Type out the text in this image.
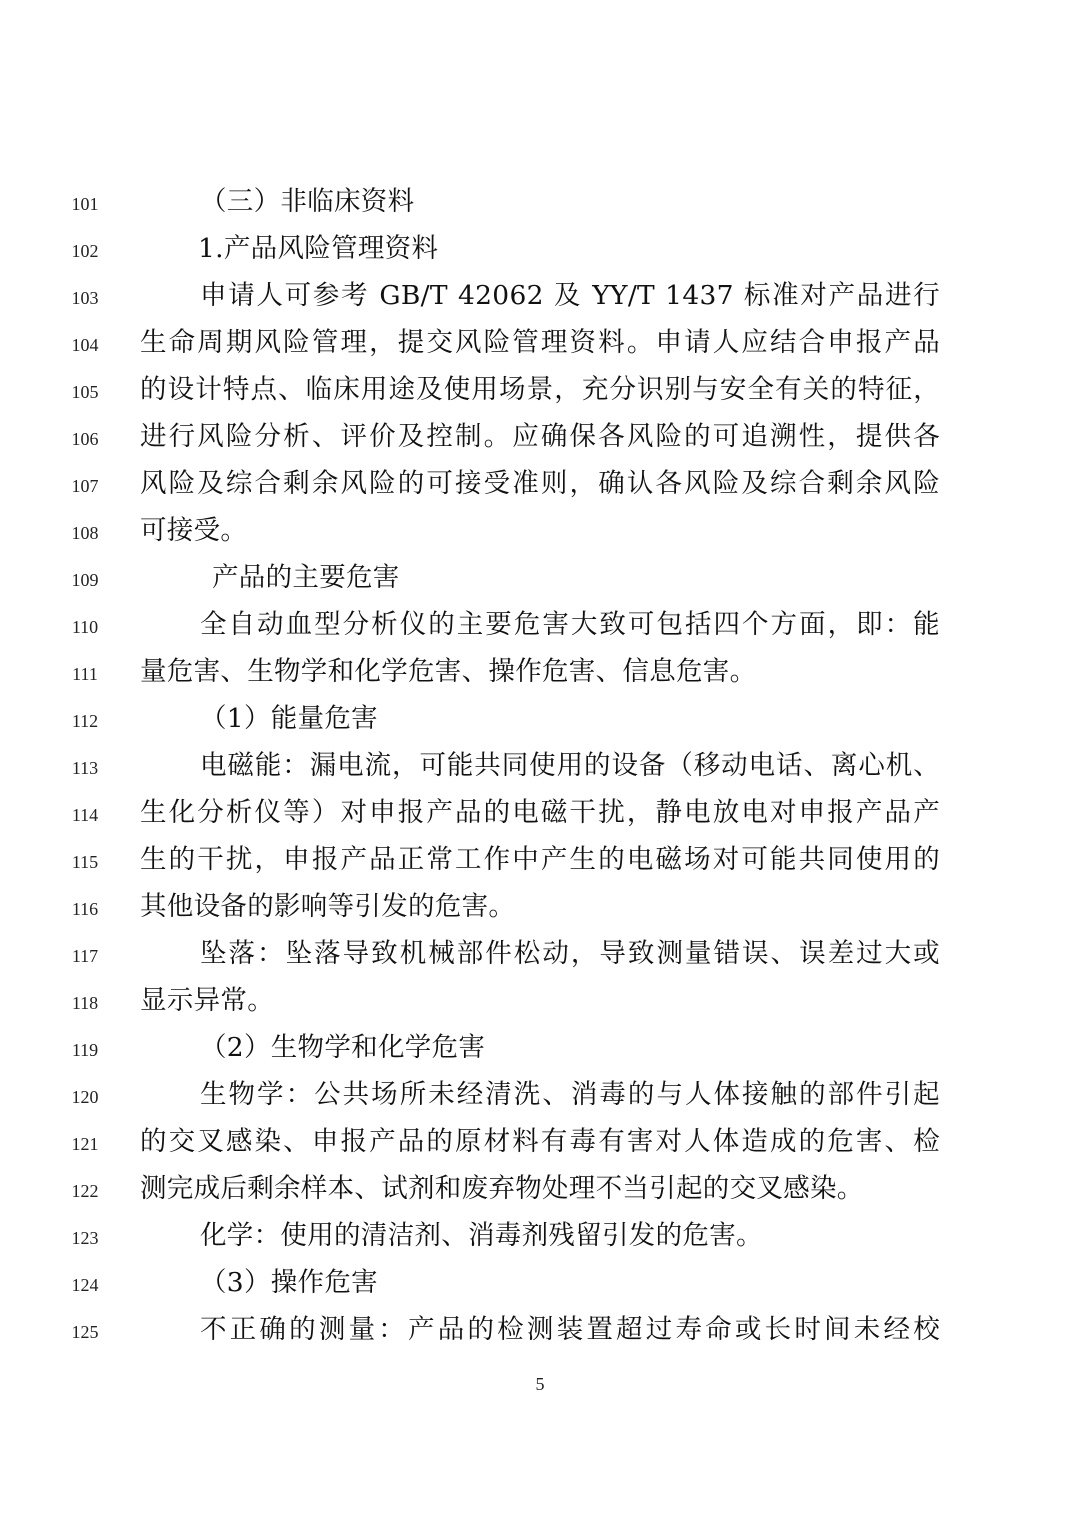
101	（三）非临床资料
102	1.产品风险管理资料
103	申请人可参考 GB/T 42062 及 YY/T 1437 标准对产品进行
104	生命周期风险管理，提交风险管理资料。申请人应结合申报产品
105	的设计特点、临床用途及使用场景，充分识别与安全有关的特征，
106	进行风险分析、评价及控制。应确保各风险的可追溯性，提供各
107	风险及综合剩余风险的可接受准则，确认各风险及综合剩余风险
108	可接受。
109	产品的主要危害
110	全自动血型分析仪的主要危害大致可包括四个方面，即：能
111	量危害、生物学和化学危害、操作危害、信息危害。
112	（1）能量危害
113	电磁能：漏电流，可能共同使用的设备（移动电话、离心机、
114	生化分析仪等）对申报产品的电磁干扰，静电放电对申报产品产
115	生的干扰，申报产品正常工作中产生的电磁场对可能共同使用的
116	其他设备的影响等引发的危害。
117	坠落：坠落导致机械部件松动，导致测量错误、误差过大或
118	显示异常。
119	（2）生物学和化学危害
120	生物学：公共场所未经清洗、消毒的与人体接触的部件引起
121	的交叉感染、申报产品的原材料有毒有害对人体造成的危害、检
122	测完成后剩余样本、试剂和废弃物处理不当引起的交叉感染。
123	化学：使用的清洁剂、消毒剂残留引发的危害。
124	（3）操作危害
125	不正确的测量：产品的检测装置超过寿命或长时间未经校
5
